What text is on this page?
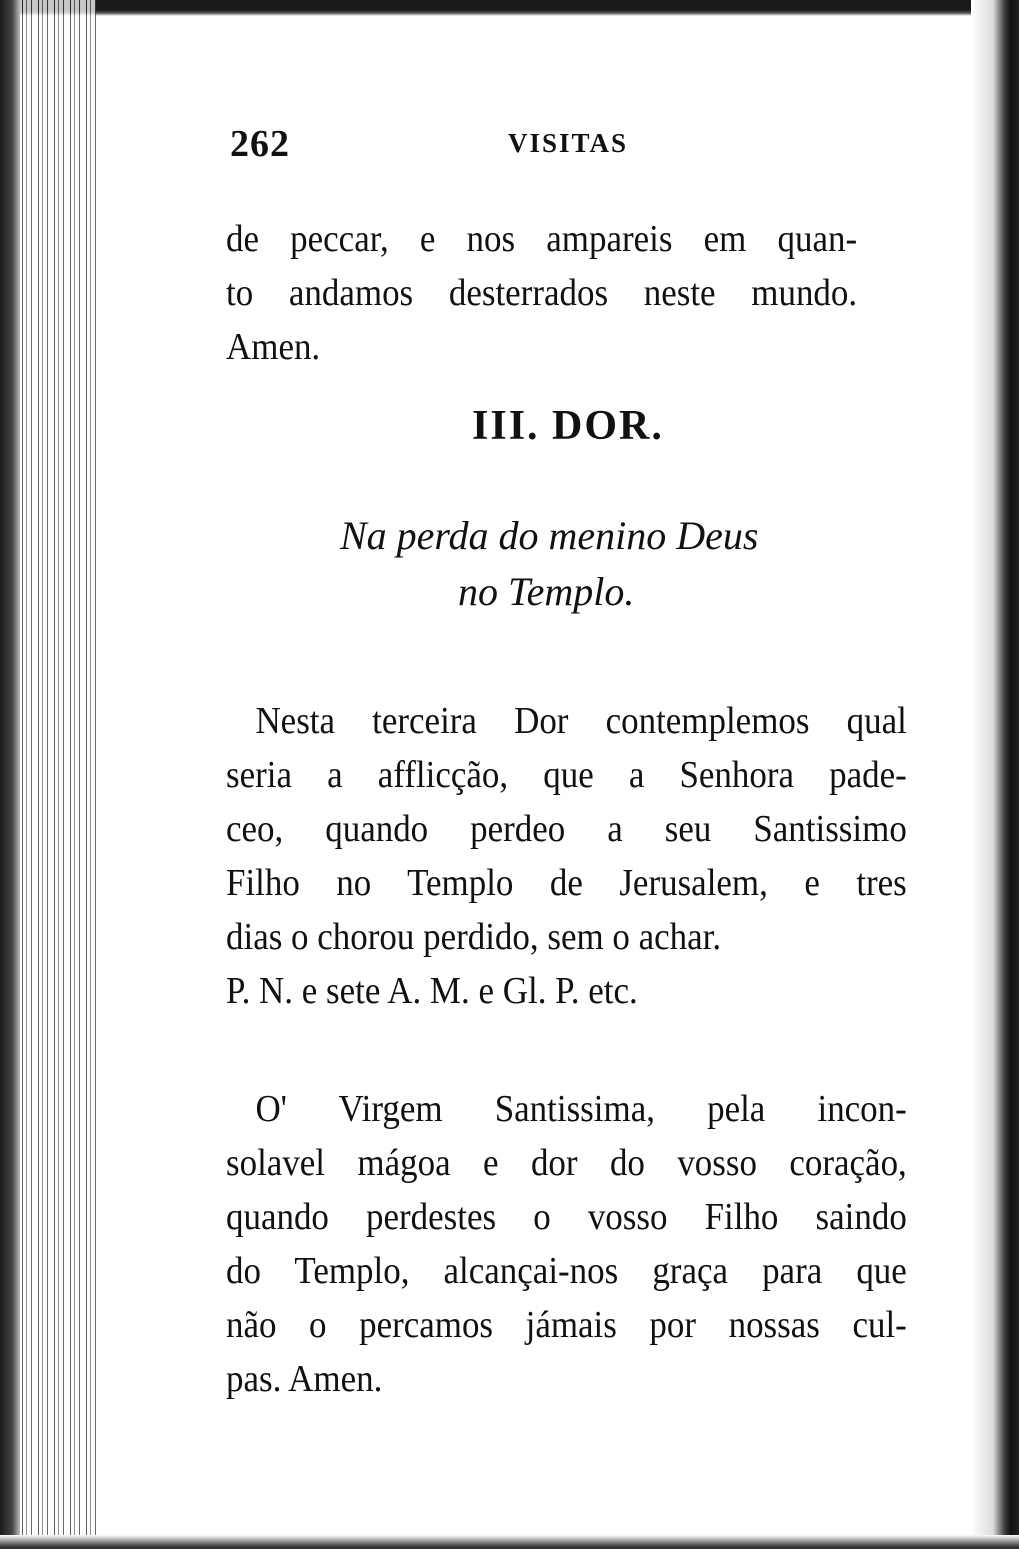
262	VISITAS
de peccar, e nos ampareis em quan-
to andamos desterrados neste mundo.
Amen.
III. DOR.
Na perda do menino Deus
no Templo.
Nesta terceira Dor contemplemos qual
seria a afflicção, que a Senhora pade-
ceo, quando perdeo a seu Santissimo
Filho no Templo de Jerusalem, e tres
dias o chorou perdido, sem o achar.
P. N. e sete A. M. e Gl. P. etc.
O' Virgem Santissima, pela incon-
solavel mágoa e dor do vosso coração,
quando perdestes o vosso Filho saindo
do Templo, alcançai-nos graça para que
não o percamos jámais por nossas cul-
pas. Amen.
